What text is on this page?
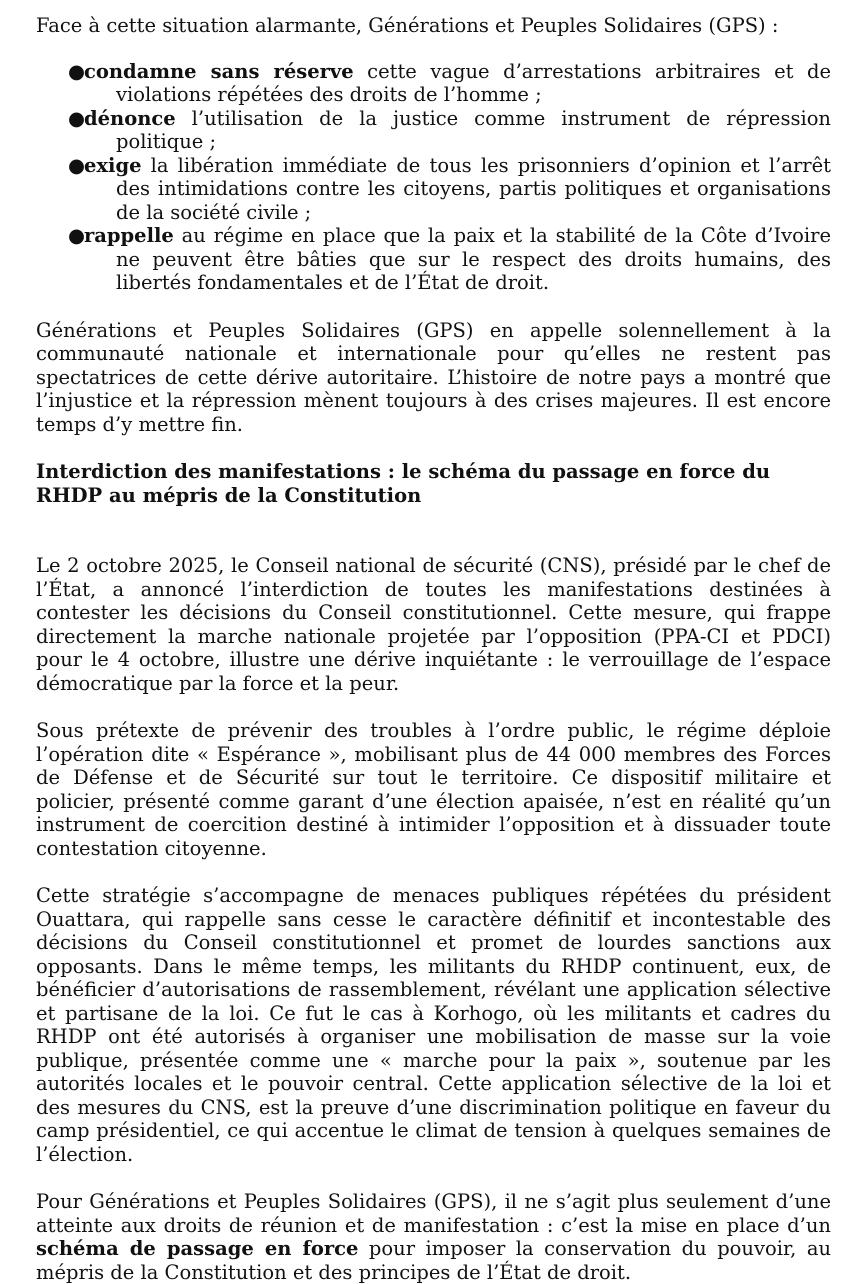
Face à cette situation alarmante, Générations et Peuples Solidaires (GPS) :

●condamne sans réserve cette vague d’arrestations arbitraires et de violations répétées des droits de l’homme ;
●dénonce l’utilisation de la justice comme instrument de répression politique ;
●exige la libération immédiate de tous les prisonniers d’opinion et l’arrêt des intimidations contre les citoyens, partis politiques et organisations de la société civile ;
●rappelle au régime en place que la paix et la stabilité de la Côte d’Ivoire ne peuvent être bâties que sur le respect des droits humains, des libertés fondamentales et de l’État de droit.

Générations et Peuples Solidaires (GPS) en appelle solennellement à la communauté nationale et internationale pour qu’elles ne restent pas spectatrices de cette dérive autoritaire. L’histoire de notre pays a montré que l’injustice et la répression mènent toujours à des crises majeures. Il est encore temps d’y mettre fin.

Interdiction des manifestations : le schéma du passage en force du RHDP au mépris de la Constitution

Le 2 octobre 2025, le Conseil national de sécurité (CNS), présidé par le chef de l’État, a annoncé l’interdiction de toutes les manifestations destinées à contester les décisions du Conseil constitutionnel. Cette mesure, qui frappe directement la marche nationale projetée par l’opposition (PPA-CI et PDCI) pour le 4 octobre, illustre une dérive inquiétante : le verrouillage de l’espace démocratique par la force et la peur.

Sous prétexte de prévenir des troubles à l’ordre public, le régime déploie l’opération dite « Espérance », mobilisant plus de 44 000 membres des Forces de Défense et de Sécurité sur tout le territoire. Ce dispositif militaire et policier, présenté comme garant d’une élection apaisée, n’est en réalité qu’un instrument de coercition destiné à intimider l’opposition et à dissuader toute contestation citoyenne.

Cette stratégie s’accompagne de menaces publiques répétées du président Ouattara, qui rappelle sans cesse le caractère définitif et incontestable des décisions du Conseil constitutionnel et promet de lourdes sanctions aux opposants. Dans le même temps, les militants du RHDP continuent, eux, de bénéficier d’autorisations de rassemblement, révélant une application sélective et partisane de la loi. Ce fut le cas à Korhogo, où les militants et cadres du RHDP ont été autorisés à organiser une mobilisation de masse sur la voie publique, présentée comme une « marche pour la paix », soutenue par les autorités locales et le pouvoir central. Cette application sélective de la loi et des mesures du CNS, est la preuve d’une discrimination politique en faveur du camp présidentiel, ce qui accentue le climat de tension à quelques semaines de l’élection.

Pour Générations et Peuples Solidaires (GPS), il ne s’agit plus seulement d’une atteinte aux droits de réunion et de manifestation : c’est la mise en place d’un schéma de passage en force pour imposer la conservation du pouvoir, au mépris de la Constitution et des principes de l’État de droit.
